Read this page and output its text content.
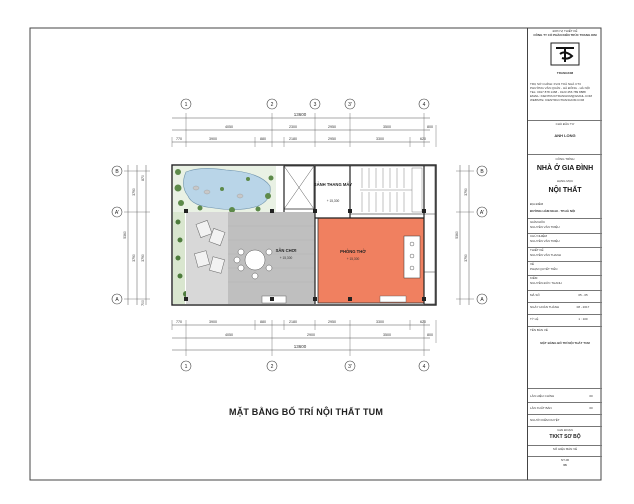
13600
4050	2300	2950	3500	800
770	3900	880	2180	2950	3300	620
1	2	3	3'	4
B
A'
A
B
A'
A
5360
3790
3790
870
3790
700
3790
3790
5360
SẢNH THANG MÁY
SÂN CHƠI	PHÒNG THỜ
+ 15,300
+ 15,300	+ 15,300
770	3900	880	2180	2950	3300	620
4050	2900	3500	800
13600
1	2	3'	4
MẶT BẰNG BỐ TRÍ NỘI THẤT TUM
ĐƠN VỊ THIẾT KẾ
CÔNG TY CỔ PHẦN KIẾN TRÚC TRANG KIM
TRANGKIM
TRỤ SỞ CHÍNH: P.2/4 TOÀ NHÀ CT3
PHƯỜNG VĂN QUÁN - HÀ ĐÔNG - HÀ NỘI
TEL: 0917 878 1468 - 0123 456 789 8888
EMAIL: KIENTRUCTRANGKIM@GMAIL.COM
WEBSITE: KIENTRUCTRANGKIM.COM
CHỦ ĐẦU TƯ
ANH LONG
CÔNG TRÌNH
NHÀ Ở GIA ĐÌNH
HẠNG MỤC
NỘI THẤT
ĐỊA ĐIỂM
ĐƯỜNG HÀM NGHI - TP.HÀ NỘI
GIÁM ĐỐC
NGUYỄN VĂN TRIỆU
CHỦ NHIỆM
NGUYỄN VĂN TRIỆU
THIẾT KẾ
NGUYỄN VĂN THANH
VẼ
PHẠM QUYẾT TIẾN
KIỂM
NGUYỄN ĐỨC THANH
MÃ SỐ	05 - 05
NGÀY HOÀN THÀNH	08 - 2017
TỶ LỆ	1 : 100
TÊN BẢN VẼ
MẶT BẰNG BỐ TRÍ NỘI THẤT TUM
LẦN HIỆU CHỈNH	00
LẦN XUẤT BẢN	00
NGƯỜI KIỂM DUYỆT
GIAI ĐOẠN
TKKT SƠ BỘ
SỐ HIỆU BẢN VẼ
NT-06
06
